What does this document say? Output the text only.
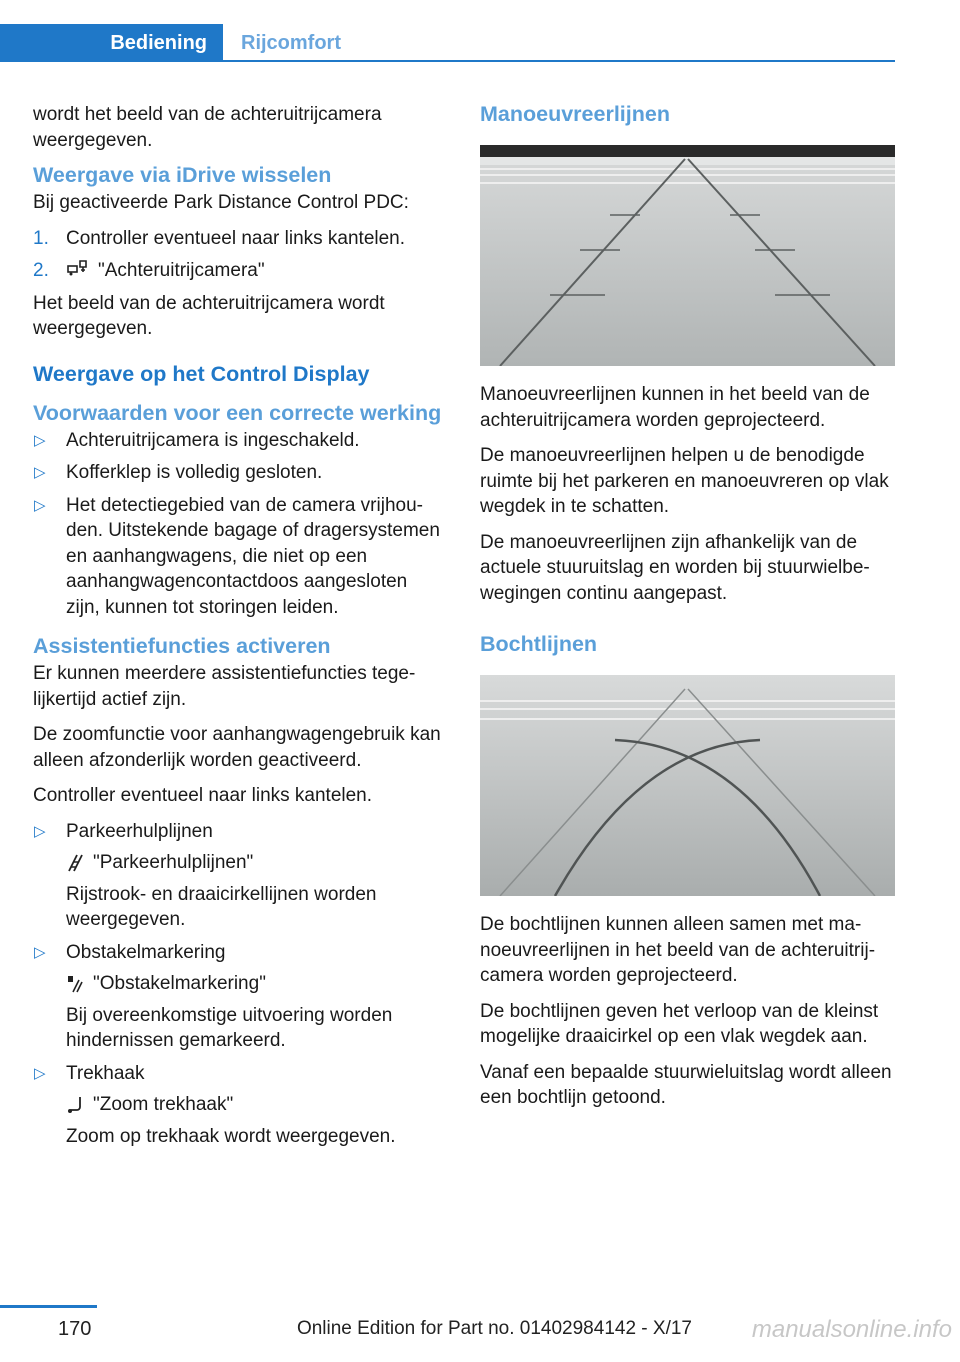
Bediening	Rijcomfort

wordt het beeld van de achteruitrijcamera weergegeven.

Weergave via iDrive wisselen

Bij geactiveerde Park Distance Control PDC:

1. Controller eventueel naar links kantelen.
2.	"Achteruitrijcamera"

Het beeld van de achteruitrijcamera wordt weergegeven.

Weergave op het Control Display
Voorwaarden voor een correcte werking
▷ Achteruitrijcamera is ingeschakeld.
▷ Kofferklep is volledig gesloten.
▷ Het detectiegebied van de camera vrijhouden. Uitstekende bagage of dragersystemen en aanhangwagens, die niet op een aanhangwagencontactdoos aangesloten zijn, kunnen tot storingen leiden.
Assistentiefuncties activeren

Er kunnen meerdere assistentiefuncties tegelijkertijd actief zijn.

De zoomfunctie voor aanhangwagengebruik kan alleen afzonderlijk worden geactiveerd.

Controller eventueel naar links kantelen.

▷ Parkeerhulplijnen
"Parkeerhulplijnen"
Rijstrook- en draaicirkellijnen worden weergegeven.
▷ Obstakelmarkering
"Obstakelmarkering"
Bij overeenkomstige uitvoering worden hindernissen gemarkeerd.
▷ Trekhaak
"Zoom trekhaak"
Zoom op trekhaak wordt weergegeven.
Manoeuvreerlijnen

Manoeuvreerlijnen kunnen in het beeld van de achteruitrijcamera worden geprojecteerd.

De manoeuvreerlijnen helpen u de benodigde ruimte bij het parkeren en manoeuvreren op vlak wegdek in te schatten.

De manoeuvreerlijnen zijn afhankelijk van de actuele stuuruitslag en worden bij stuurwielbewegingen continu aangepast.

Bochtlijnen

De bochtlijnen kunnen alleen samen met manoeuvreerlijnen in het beeld van de achteruitrijcamera worden geprojecteerd.

De bochtlijnen geven het verloop van de kleinst mogelijke draaicirkel op een vlak wegdek aan.

Vanaf een bepaalde stuurwieluitslag wordt alleen een bochtlijn getoond.

170	Online Edition for Part no. 01402984142 - X/17 manualsonline.info
